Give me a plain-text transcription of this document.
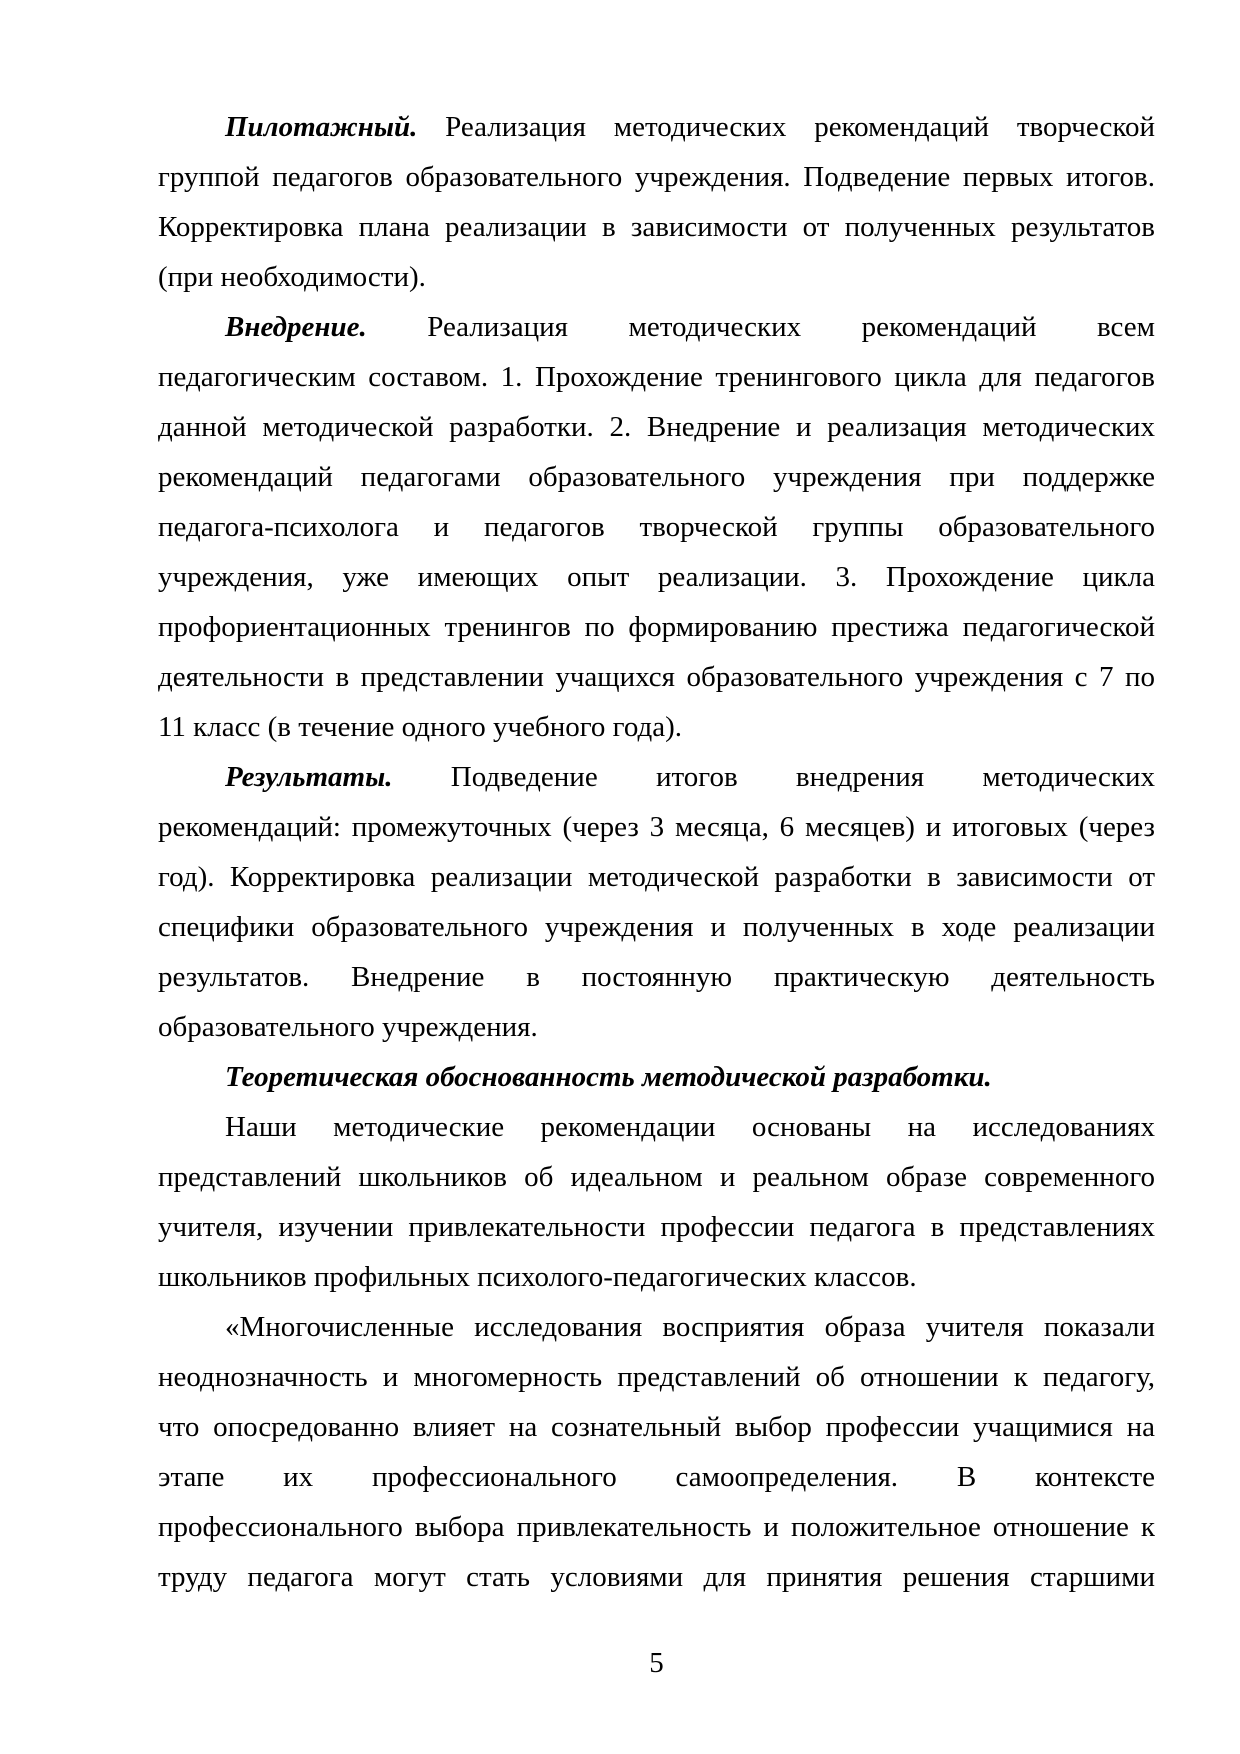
Пилотажный. Реализация методических рекомендаций творческой
группой педагогов образовательного учреждения. Подведение первых итогов.
Корректировка плана реализации в зависимости от полученных результатов
(при необходимости).
Внедрение. Реализация методических рекомендаций всем
педагогическим составом. 1. Прохождение тренингового цикла для педагогов
данной методической разработки. 2. Внедрение и реализация методических
рекомендаций педагогами образовательного учреждения при поддержке
педагога-психолога и педагогов творческой группы образовательного
учреждения, уже имеющих опыт реализации. 3. Прохождение цикла
профориентационных тренингов по формированию престижа педагогической
деятельности в представлении учащихся образовательного учреждения с 7 по
11 класс (в течение одного учебного года).
Результаты. Подведение итогов внедрения методических
рекомендаций: промежуточных (через 3 месяца, 6 месяцев) и итоговых (через
год). Корректировка реализации методической разработки в зависимости от
специфики образовательного учреждения и полученных в ходе реализации
результатов. Внедрение в постоянную практическую деятельность
образовательного учреждения.
Теоретическая обоснованность методической разработки.
Наши методические рекомендации основаны на исследованиях
представлений школьников об идеальном и реальном образе современного
учителя, изучении привлекательности профессии педагога в представлениях
школьников профильных психолого-педагогических классов.
«Многочисленные исследования восприятия образа учителя показали
неоднозначность и многомерность представлений об отношении к педагогу,
что опосредованно влияет на сознательный выбор профессии учащимися на
этапе их профессионального самоопределения. В контексте
профессионального выбора привлекательность и положительное отношение к
труду педагога могут стать условиями для принятия решения старшими
5
